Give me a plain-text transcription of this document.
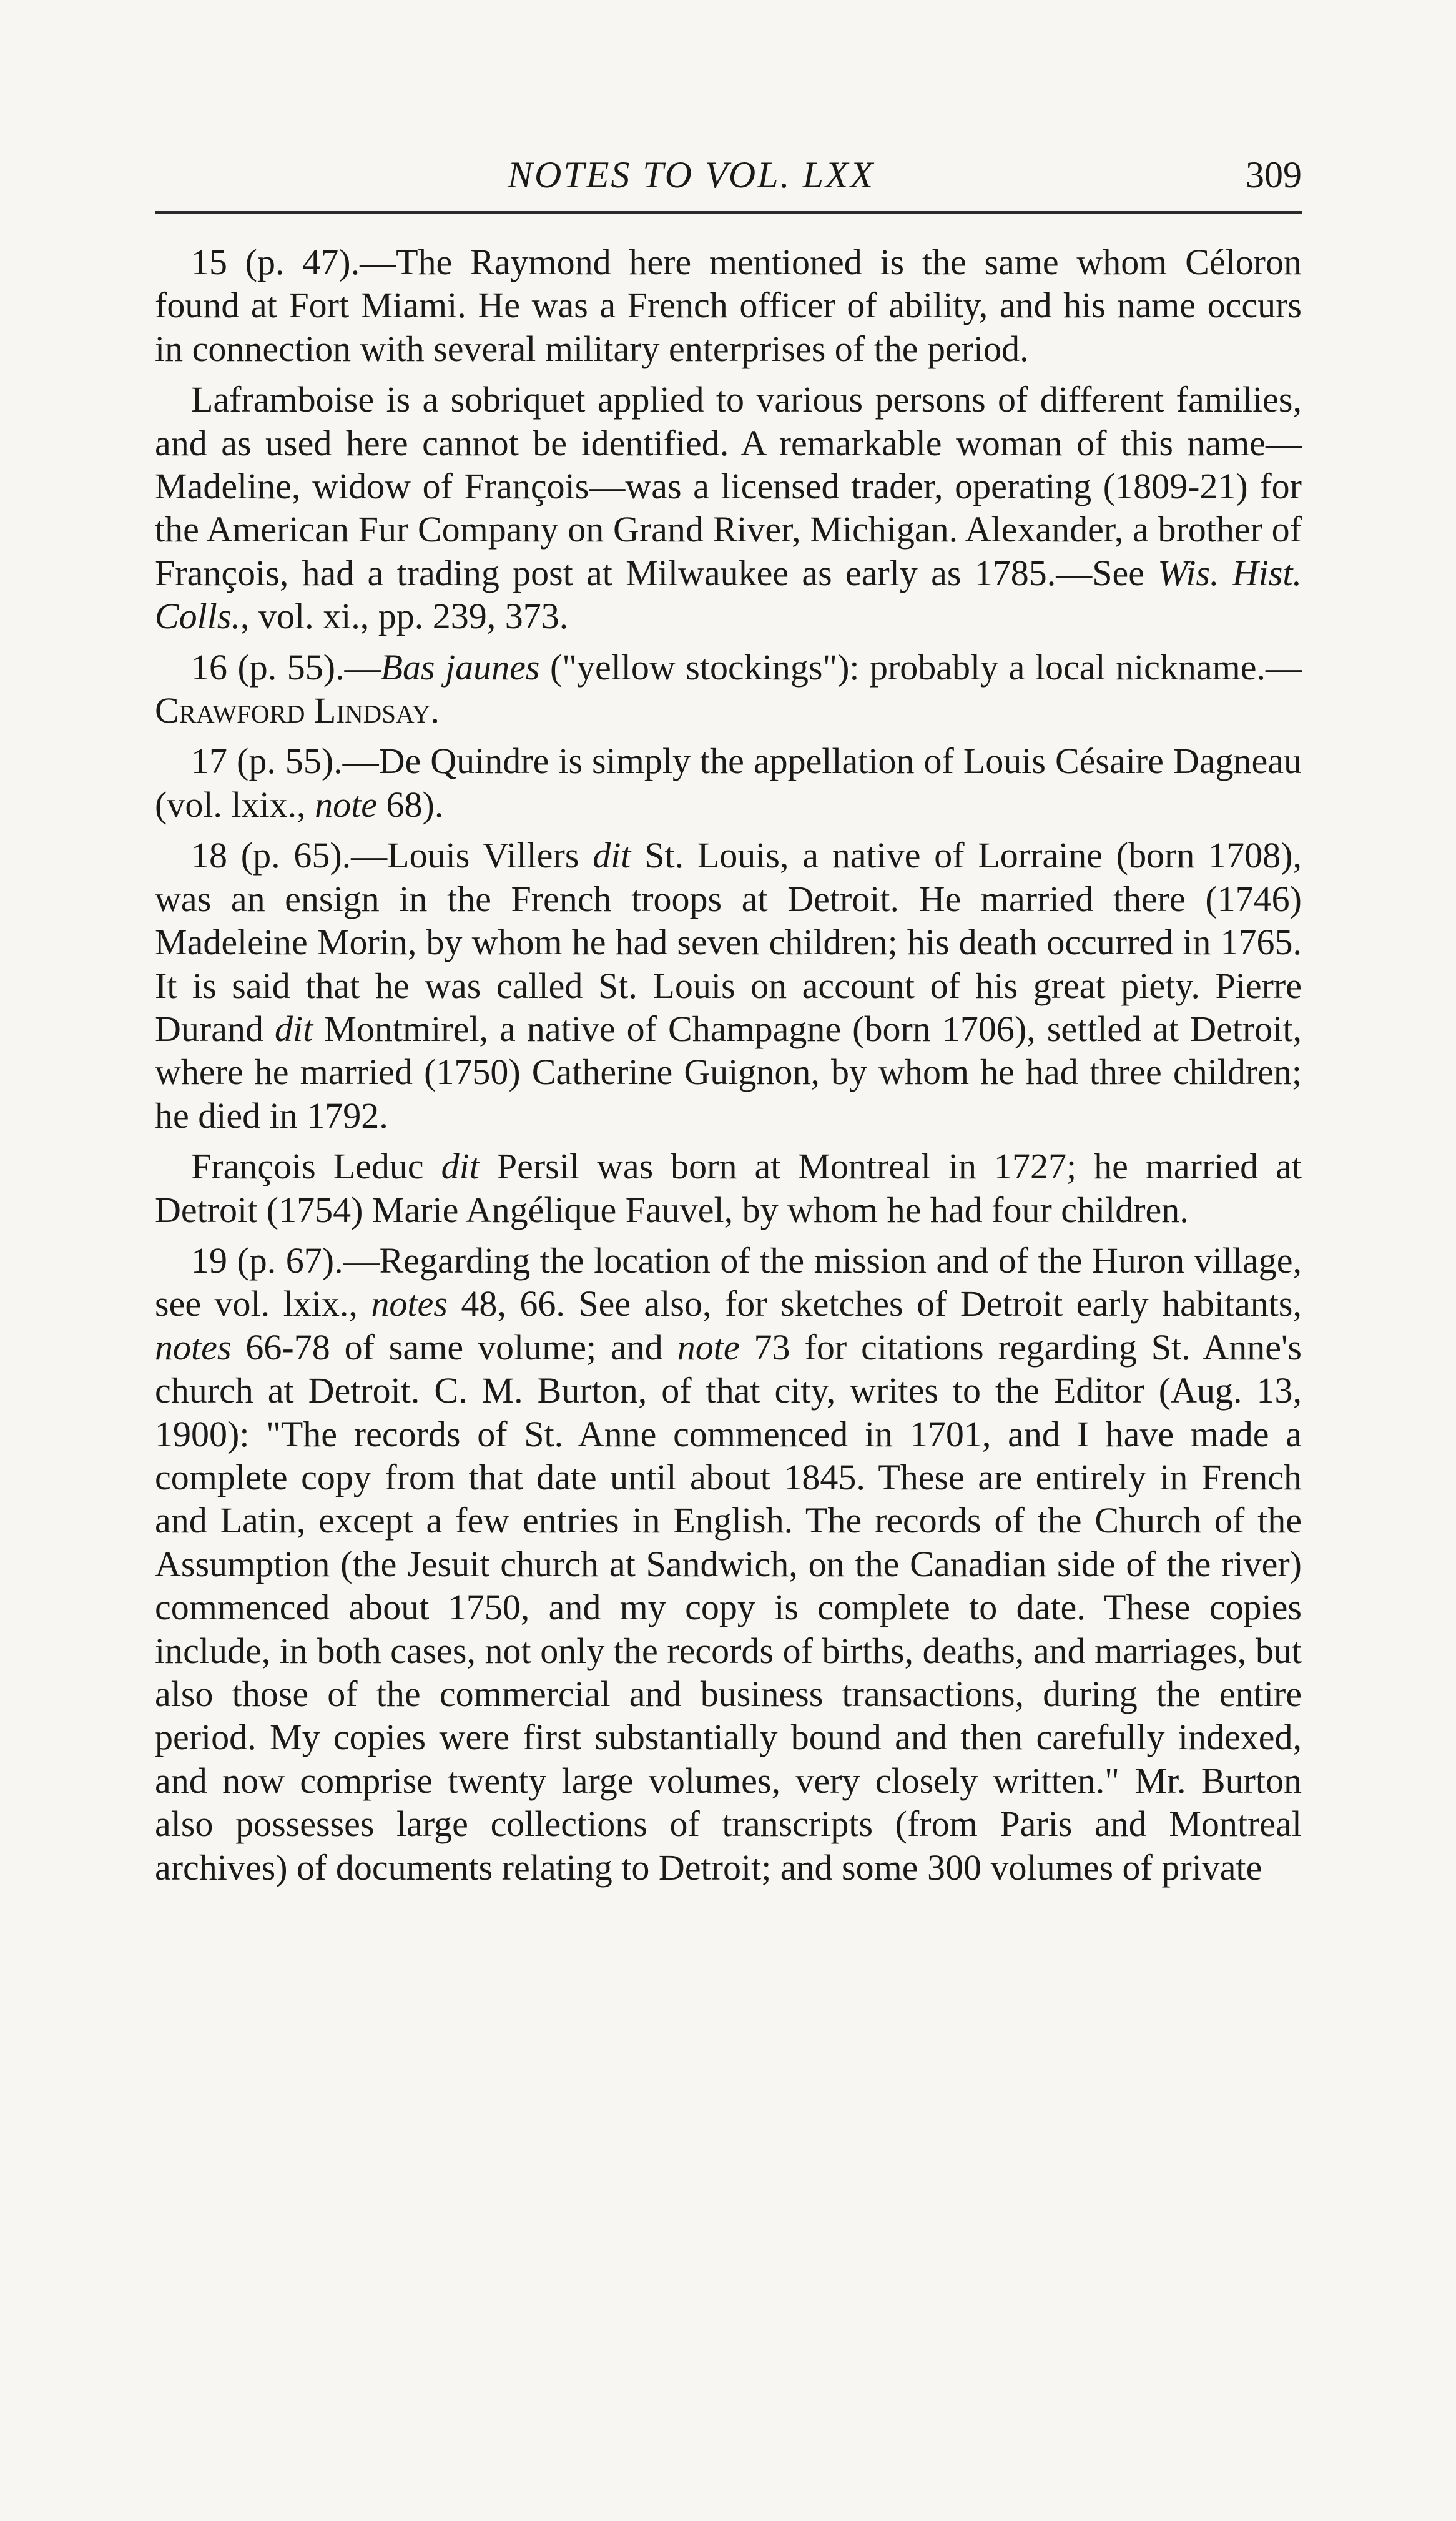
NOTES TO VOL. LXX	309

15 (p. 47).—The Raymond here mentioned is the same whom Céloron found at Fort Miami. He was a French officer of ability, and his name occurs in connection with several military enterprises of the period.

Laframboise is a sobriquet applied to various persons of different families, and as used here cannot be identified. A remarkable woman of this name—Madeline, widow of François—was a licensed trader, operating (1809-21) for the American Fur Company on Grand River, Michigan. Alexander, a brother of François, had a trading post at Milwaukee as early as 1785.—See Wis. Hist. Colls., vol. xi., pp. 239, 373.

16 (p. 55).—Bas jaunes ("yellow stockings"): probably a local nickname.—Crawford Lindsay.

17 (p. 55).—De Quindre is simply the appellation of Louis Césaire Dagneau (vol. lxix., note 68).

18 (p. 65).—Louis Villers dit St. Louis, a native of Lorraine (born 1708), was an ensign in the French troops at Detroit. He married there (1746) Madeleine Morin, by whom he had seven children; his death occurred in 1765. It is said that he was called St. Louis on account of his great piety. Pierre Durand dit Montmirel, a native of Champagne (born 1706), settled at Detroit, where he married (1750) Catherine Guignon, by whom he had three children; he died in 1792.

François Leduc dit Persil was born at Montreal in 1727; he married at Detroit (1754) Marie Angélique Fauvel, by whom he had four children.

19 (p. 67).—Regarding the location of the mission and of the Huron village, see vol. lxix., notes 48, 66. See also, for sketches of Detroit early habitants, notes 66-78 of same volume; and note 73 for citations regarding St. Anne's church at Detroit. C. M. Burton, of that city, writes to the Editor (Aug. 13, 1900): "The records of St. Anne commenced in 1701, and I have made a complete copy from that date until about 1845. These are entirely in French and Latin, except a few entries in English. The records of the Church of the Assumption (the Jesuit church at Sandwich, on the Canadian side of the river) commenced about 1750, and my copy is complete to date. These copies include, in both cases, not only the records of births, deaths, and marriages, but also those of the commercial and business transactions, during the entire period. My copies were first substantially bound and then carefully indexed, and now comprise twenty large volumes, very closely written." Mr. Burton also possesses large collections of transcripts (from Paris and Montreal archives) of documents relating to Detroit; and some 300 volumes of private
